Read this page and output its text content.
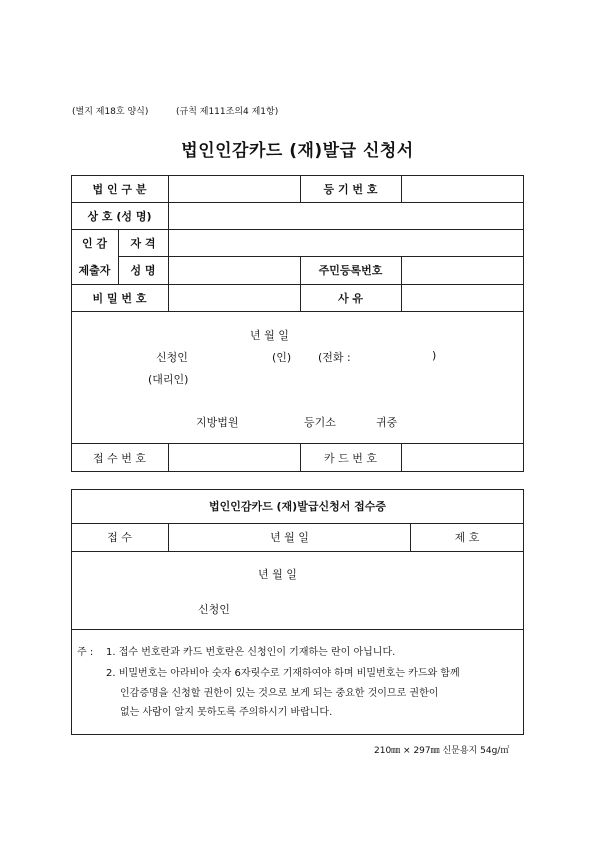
(별지 제18호 양식)	(규칙 제111조의4 제1항)
법인인감카드 (재)발급 신청서
법 인 구 분	등 기 번 호
상 호 (성 명)
인 감
제출자
자 격
성 명	주민등록번호
비 밀 번 호	사 유
년 월 일
신청인	(인) (전화 :	)
(대리인)
지방법원	등기소	귀중
접 수 번 호	카 드 번 호
법인인감카드 (재)발급신청서 접수증
접 수	년 월 일	제 호
년 월 일
신청인
주 : 1. 접수 번호란과 카드 번호란은 신청인이 기재하는 란이 아닙니다.
2. 비밀번호는 아라비아 숫자 6자릿수로 기재하여야 하며 비밀번호는 카드와 함께
인감증명을 신청할 권한이 있는 것으로 보게 되는 중요한 것이므로 권한이
없는 사람이 알지 못하도록 주의하시기 바랍니다.
210㎜ × 297㎜ 신문용지 54g/㎡
